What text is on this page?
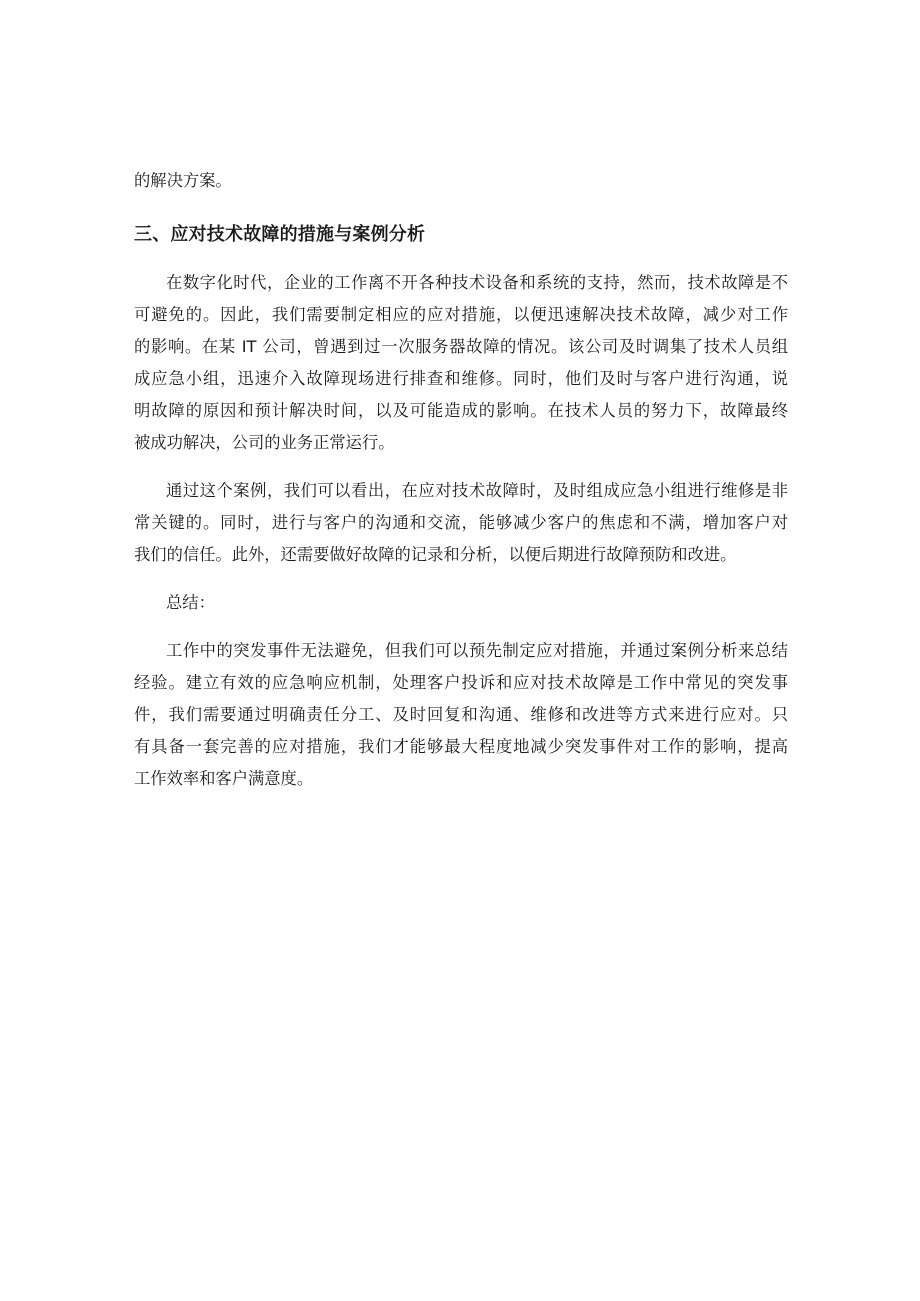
的解决方案。
三、应对技术故障的措施与案例分析
在数字化时代，企业的工作离不开各种技术设备和系统的支持，然而，技术故障是不
可避免的。因此，我们需要制定相应的应对措施，以便迅速解决技术故障，减少对工作
的影响。在某 IT 公司，曾遇到过一次服务器故障的情况。该公司及时调集了技术人员组
成应急小组，迅速介入故障现场进行排查和维修。同时，他们及时与客户进行沟通，说
明故障的原因和预计解决时间，以及可能造成的影响。在技术人员的努力下，故障最终
被成功解决，公司的业务正常运行。
通过这个案例，我们可以看出，在应对技术故障时，及时组成应急小组进行维修是非
常关键的。同时，进行与客户的沟通和交流，能够减少客户的焦虑和不满，增加客户对
我们的信任。此外，还需要做好故障的记录和分析，以便后期进行故障预防和改进。
总结：
工作中的突发事件无法避免，但我们可以预先制定应对措施，并通过案例分析来总结
经验。建立有效的应急响应机制，处理客户投诉和应对技术故障是工作中常见的突发事
件，我们需要通过明确责任分工、及时回复和沟通、维修和改进等方式来进行应对。只
有具备一套完善的应对措施，我们才能够最大程度地减少突发事件对工作的影响，提高
工作效率和客户满意度。
